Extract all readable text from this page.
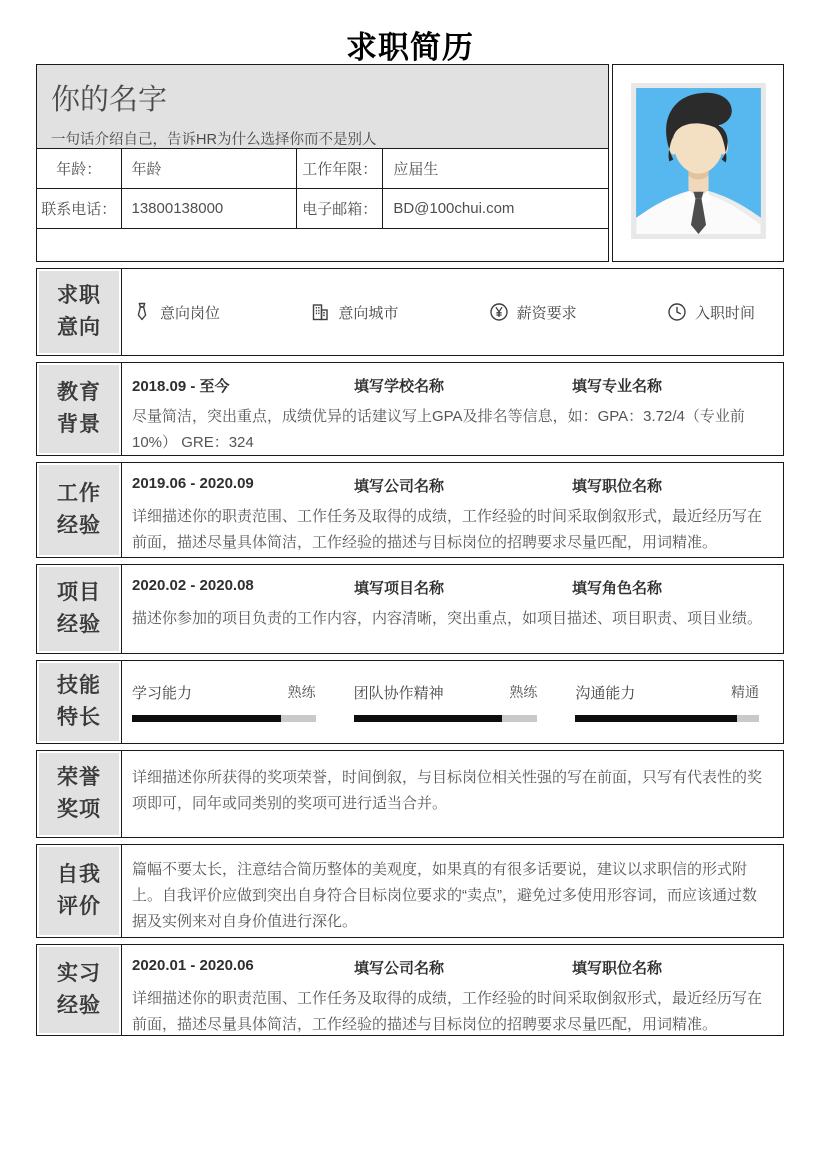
求职简历
你的名字
一句话介绍自己，告诉HR为什么选择你而不是别人
年龄：	年龄	工作年限：	应届生
联系电话：	13800138000	电子邮箱：	BD@100chui.com
求职
意向
意向岗位	意向城市	薪资要求	入职时间
教育
背景
2018.09 - 至今	填写学校名称	填写专业名称
尽量简洁，突出重点，成绩优异的话建议写上GPA及排名等信息，如：GPA：3.72/4（专业前10%） GRE：324
工作
经验
2019.06 - 2020.09	填写公司名称	填写职位名称
详细描述你的职责范围、工作任务及取得的成绩，工作经验的时间采取倒叙形式，最近经历写在前面，描述尽量具体简洁，工作经验的描述与目标岗位的招聘要求尽量匹配，用词精准。
项目
经验
2020.02 - 2020.08	填写项目名称	填写角色名称
描述你参加的项目负责的工作内容，内容清晰，突出重点，如项目描述、项目职责、项目业绩。
技能
特长
学习能力	熟练	团队协作精神	熟练	沟通能力	精通
荣誉
奖项
详细描述你所获得的奖项荣誉，时间倒叙，与目标岗位相关性强的写在前面，只写有代表性的奖项即可，同年或同类别的奖项可进行适当合并。
自我
评价
篇幅不要太长，注意结合简历整体的美观度，如果真的有很多话要说，建议以求职信的形式附上。自我评价应做到突出自身符合目标岗位要求的“卖点”，避免过多使用形容词，而应该通过数据及实例来对自身价值进行深化。
实习
经验
2020.01 - 2020.06	填写公司名称	填写职位名称
详细描述你的职责范围、工作任务及取得的成绩，工作经验的时间采取倒叙形式，最近经历写在前面，描述尽量具体简洁，工作经验的描述与目标岗位的招聘要求尽量匹配，用词精准。
